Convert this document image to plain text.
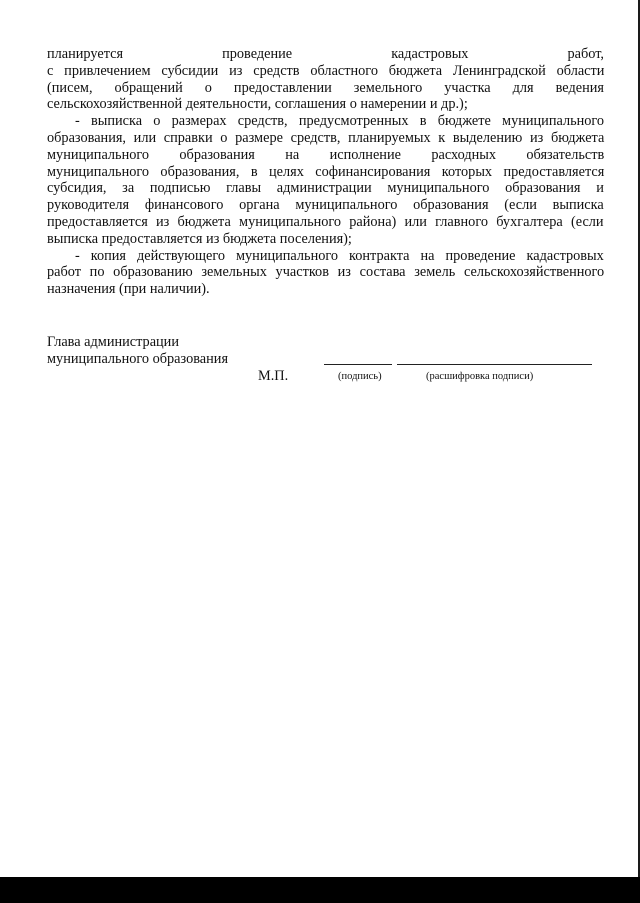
планируется	проведение	кадастровых	работ,
с привлечением субсидии из средств областного бюджета Ленинградской области
(писем, обращений о предоставлении земельного участка для ведения
сельскохозяйственной деятельности, соглашения о намерении и др.);
- выписка о размерах средств, предусмотренных в бюджете муниципального
образования, или справки о размере средств, планируемых к выделению из бюджета
муниципального образования на исполнение расходных обязательств
муниципального образования, в целях софинансирования которых предоставляется
субсидия, за подписью главы администрации муниципального образования и
руководителя финансового органа муниципального образования (если выписка
предоставляется из бюджета муниципального района) или главного бухгалтера (если
выписка предоставляется из бюджета поселения);
- копия действующего муниципального контракта на проведение кадастровых
работ по образованию земельных участков из состава земель сельскохозяйственного
назначения (при наличии).
Глава администрации
муниципального образования
М.П.	(подпись)	(расшифровка подписи)
